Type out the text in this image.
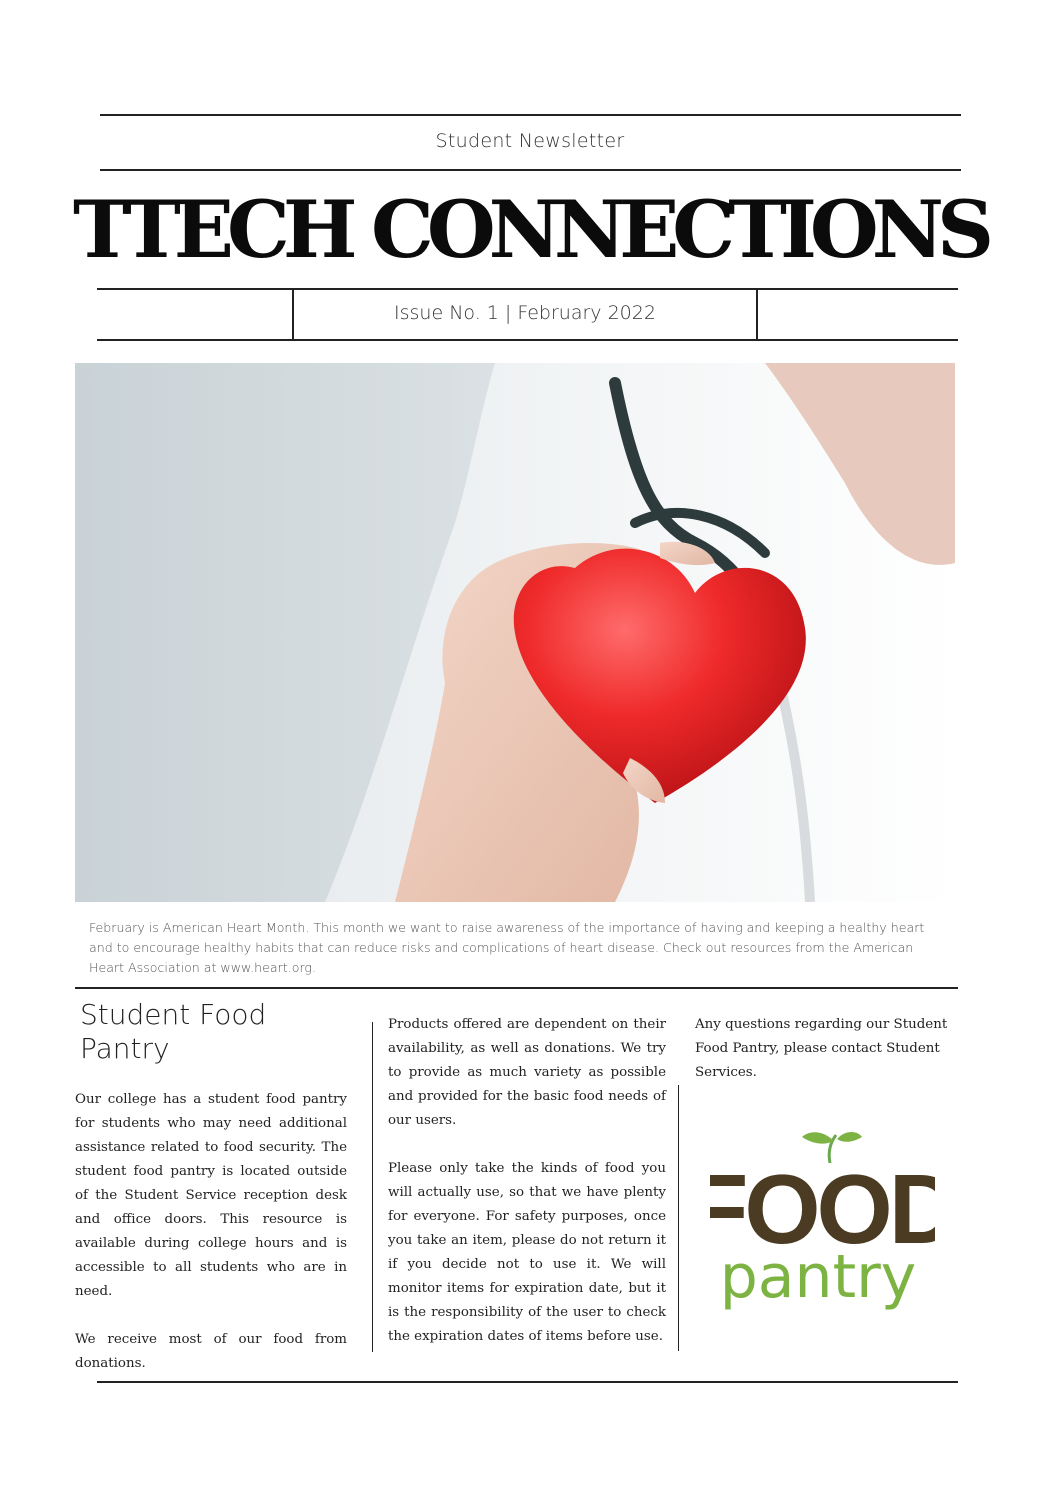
Student Newsletter
TTECH CONNECTIONS
Issue No. 1 | February 2022
February is American Heart Month. This month we want to raise awareness of the importance of having and keeping a healthy heart and to encourage healthy habits that can reduce risks and complications of heart disease. Check out resources from the American Heart Association at www.heart.org.
Student Food Pantry

Our college has a student food pantry for students who may need additional assistance related to food security. The student food pantry is located outside of the Student Service reception desk and office doors. This resource is available during college hours and is accessible to all students who are in need.

We receive most of our food from donations.

Products offered are dependent on their availability, as well as donations. We try to provide as much variety as possible and provided for the basic food needs of our users.

Please only take the kinds of food you will actually use, so that we have plenty for everyone. For safety purposes, once you take an item, please do not return it if you decide not to use it. We will monitor items for expiration date, but it is the responsibility of the user to check the expiration dates of items before use.

Any questions regarding our Student Food Pantry, please contact Student Services.

FOOD
pantry
